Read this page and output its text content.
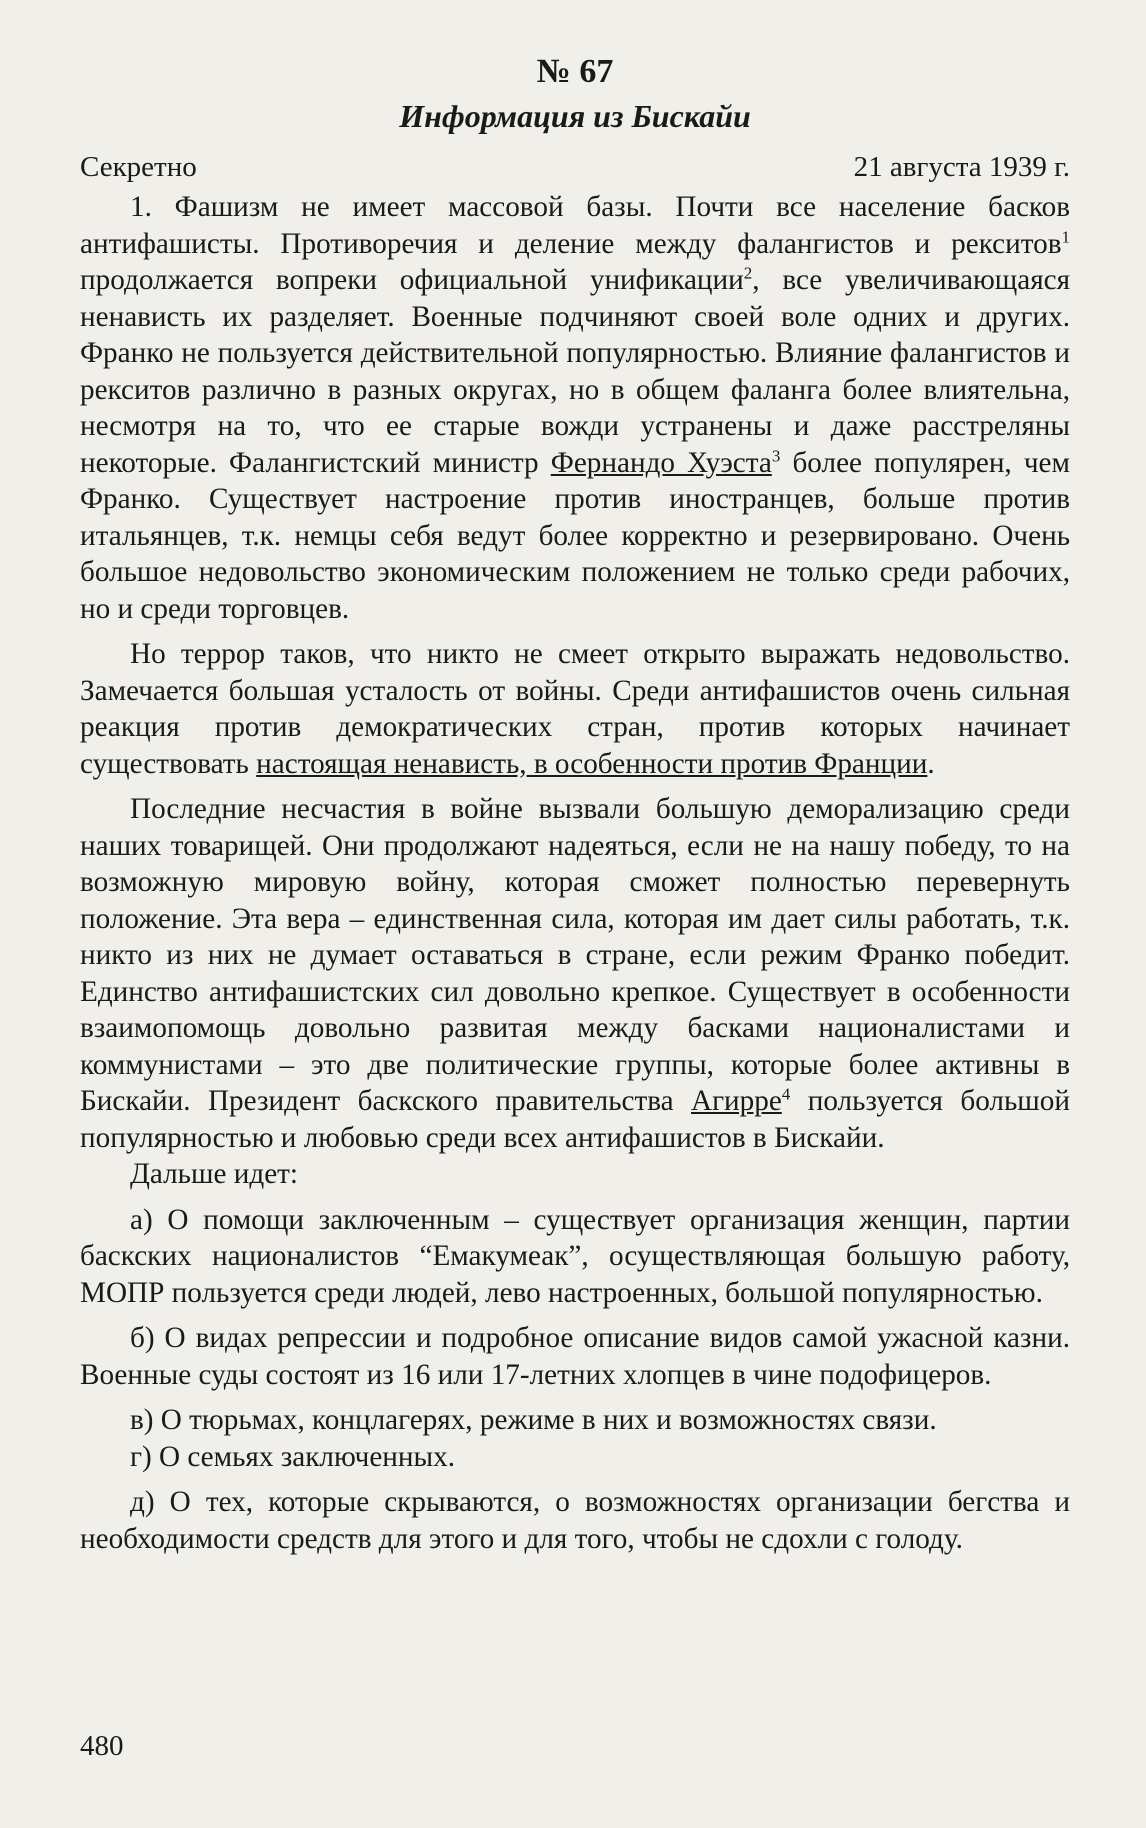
№ 67
Информация из Бискайи
Секретно	21 августа 1939 г.

1. Фашизм не имеет массовой базы. Почти все население басков антифашисты. Противоречия и деление между фалангистов и рекситов$^1$ продолжается вопреки официальной унификации$^2$, все увеличивающаяся ненависть их разделяет. Военные подчиняют своей воле одних и других. Франко не пользуется действительной популярностью. Влияние фалангистов и рекситов различно в разных округах, но в общем фаланга более влиятельна, несмотря на то, что ее старые вожди устранены и даже расстреляны некоторые. Фалангистский министр Фернандо Хуэста$^3$ более популярен, чем Франко. Существует настроение против иностранцев, больше против итальянцев, т.к. немцы себя ведут более корректно и резервировано. Очень большое недовольство экономическим положением не только среди рабочих, но и среди торговцев.

Но террор таков, что никто не смеет открыто выражать недовольство. Замечается большая усталость от войны. Среди антифашистов очень сильная реакция против демократических стран, против которых начинает существовать настоящая ненависть, в особенности против Франции.

Последние несчастия в войне вызвали большую деморализацию среди наших товарищей. Они продолжают надеяться, если не на нашу победу, то на возможную мировую войну, которая сможет полностью перевернуть положение. Эта вера – единственная сила, которая им дает силы работать, т.к. никто из них не думает оставаться в стране, если режим Франко победит. Единство антифашистских сил довольно крепкое. Существует в особенности взаимопомощь довольно развитая между басками националистами и коммунистами – это две политические группы, которые более активны в Бискайи. Президент баскского правительства Агирре$^4$ пользуется большой популярностью и любовью среди всех антифашистов в Бискайи.

Дальше идет:

а) О помощи заключенным – существует организация женщин, партии баскских националистов “Емакумеак”, осуществляющая большую работу, МОПР пользуется среди людей, лево настроенных, большой популярностью.

б) О видах репрессии и подробное описание видов самой ужасной казни. Военные суды состоят из 16 или 17-летних хлопцев в чине подофицеров.

в) О тюрьмах, концлагерях, режиме в них и возможностях связи.

г) О семьях заключенных.

д) О тех, которые скрываются, о возможностях организации бегства и необходимости средств для этого и для того, чтобы не сдохли с голоду.

480
